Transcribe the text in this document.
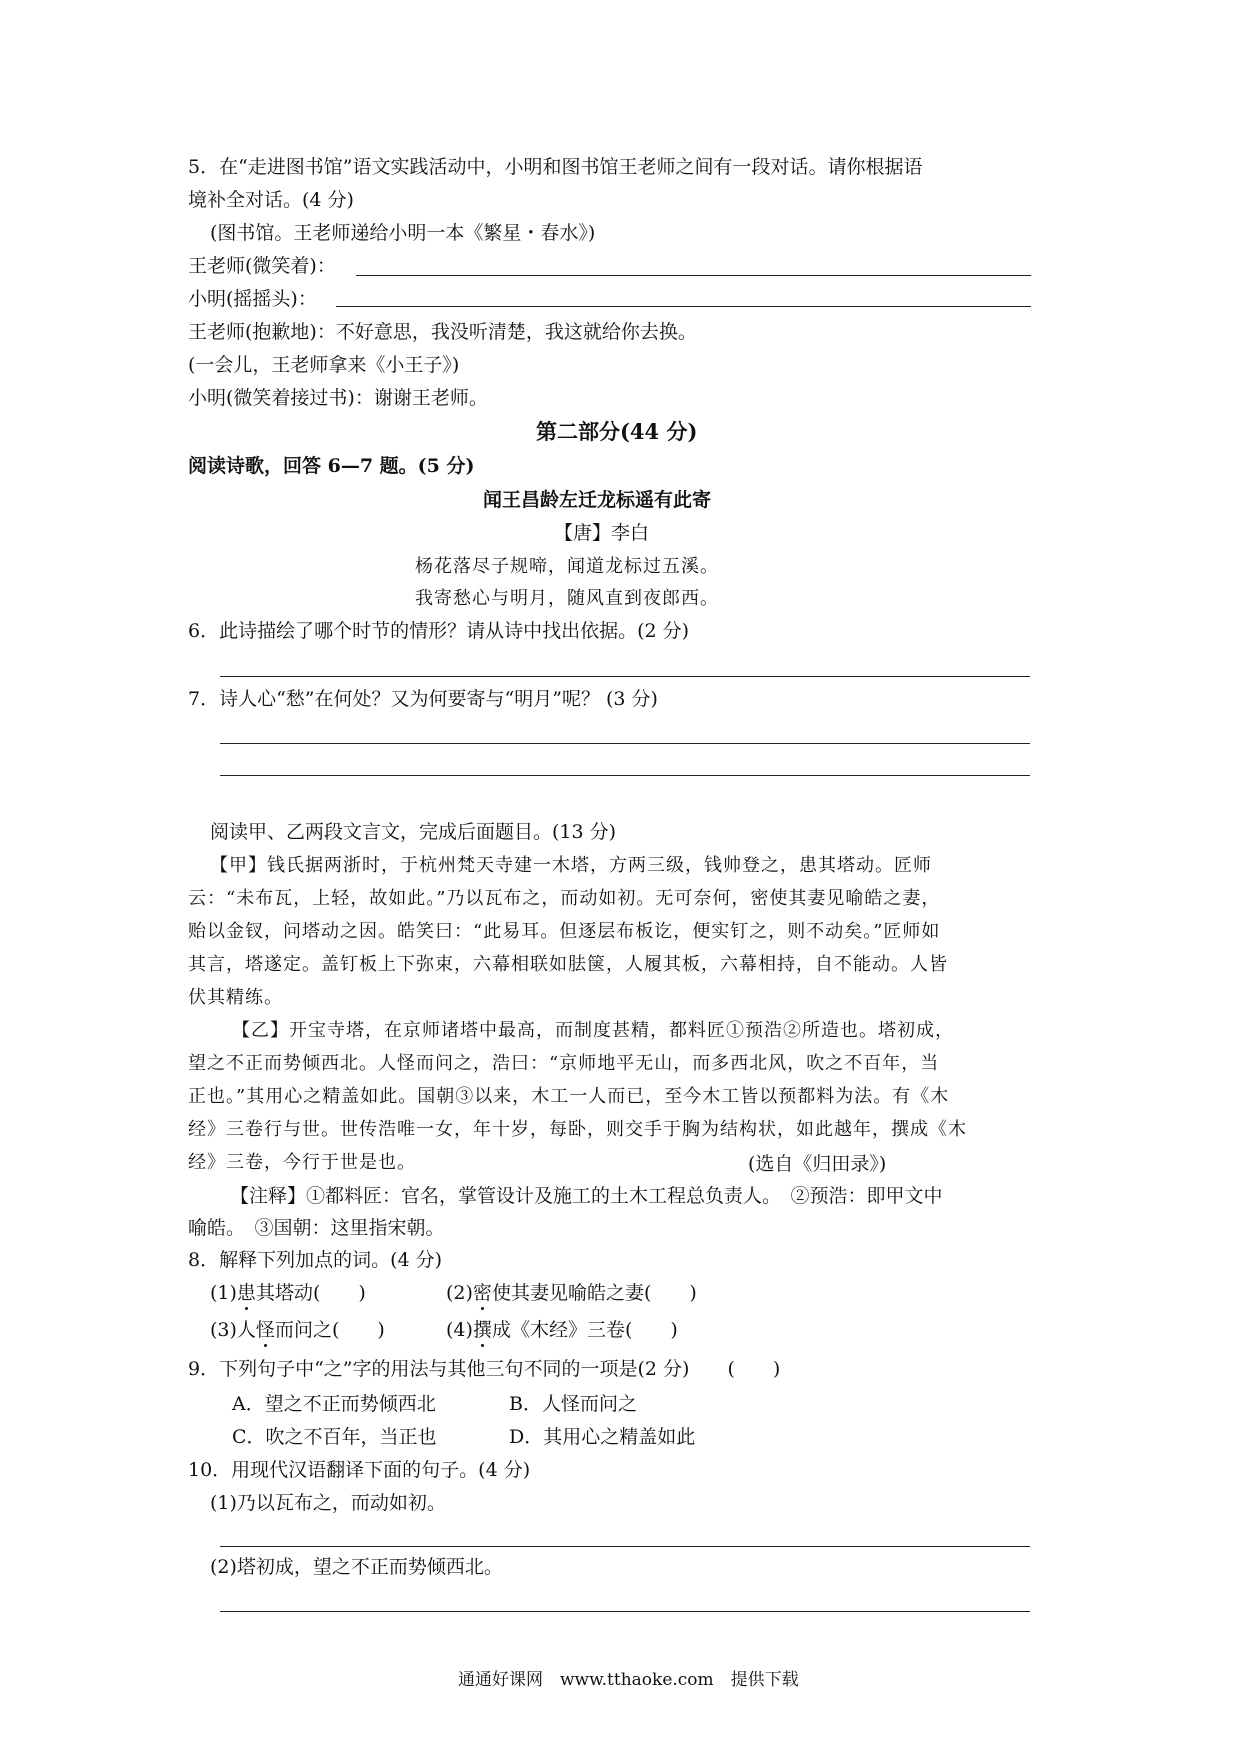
5．在“走进图书馆”语文实践活动中，小明和图书馆王老师之间有一段对话。请你根据语
境补全对话。(4 分)
(图书馆。王老师递给小明一本《繁星・春水》)
王老师(微笑着)：
小明(摇摇头)：
王老师(抱歉地)：不好意思，我没听清楚，我这就给你去换。
(一会儿，王老师拿来《小王子》)
小明(微笑着接过书)：谢谢王老师。
第二部分(44 分)
阅读诗歌，回答 6—7 题。(5 分)
闻王昌龄左迁龙标遥有此寄
【唐】李白
杨花落尽子规啼，闻道龙标过五溪。
我寄愁心与明月，随风直到夜郎西。
6．此诗描绘了哪个时节的情形？请从诗中找出依据。(2 分)
7．诗人心“愁”在何处？又为何要寄与“明月”呢？ (3 分)
阅读甲、乙两段文言文，完成后面题目。(13 分)
【甲】钱氏据两浙时，于杭州梵天寺建一木塔，方两三级，钱帅登之，患其塔动。匠师
云：“未布瓦，上轻，故如此。”乃以瓦布之，而动如初。无可奈何，密使其妻见喻皓之妻，
贻以金钗，问塔动之因。皓笑曰：“此易耳。但逐层布板讫，便实钉之，则不动矣。”匠师如
其言，塔遂定。盖钉板上下弥束，六幕相联如胠箧，人履其板，六幕相持，自不能动。人皆
伏其精练。
【乙】开宝寺塔，在京师诸塔中最高，而制度甚精，都料匠①预浩②所造也。塔初成，
望之不正而势倾西北。人怪而问之，浩曰：“京师地平无山，而多西北风，吹之不百年，当
正也。”其用心之精盖如此。国朝③以来，木工一人而已，至今木工皆以预都料为法。有《木
经》三卷行与世。世传浩唯一女，年十岁，每卧，则交手于胸为结构状，如此越年，撰成《木
经》三卷，今行于世是也。	(选自《归田录》)
【注释】①都料匠：官名，掌管设计及施工的土木工程总负责人。　②预浩：即甲文中
喻皓。　③国朝：这里指宋朝。
8．解释下列加点的词。(4 分)
(1)患其塔动(　　)	(2)密使其妻见喻皓之妻(　　)
(3)人怪而问之(　　)	(4)撰成《木经》三卷(　　)
9．下列句子中“之”字的用法与其他三句不同的一项是(2 分)　　(　　)
A．望之不正而势倾西北	B．人怪而问之
C．吹之不百年，当正也	D．其用心之精盖如此
10．用现代汉语翻译下面的句子。(4 分)
(1)乃以瓦布之，而动如初。
(2)塔初成，望之不正而势倾西北。
通通好课网　www.tthaoke.com　提供下载
